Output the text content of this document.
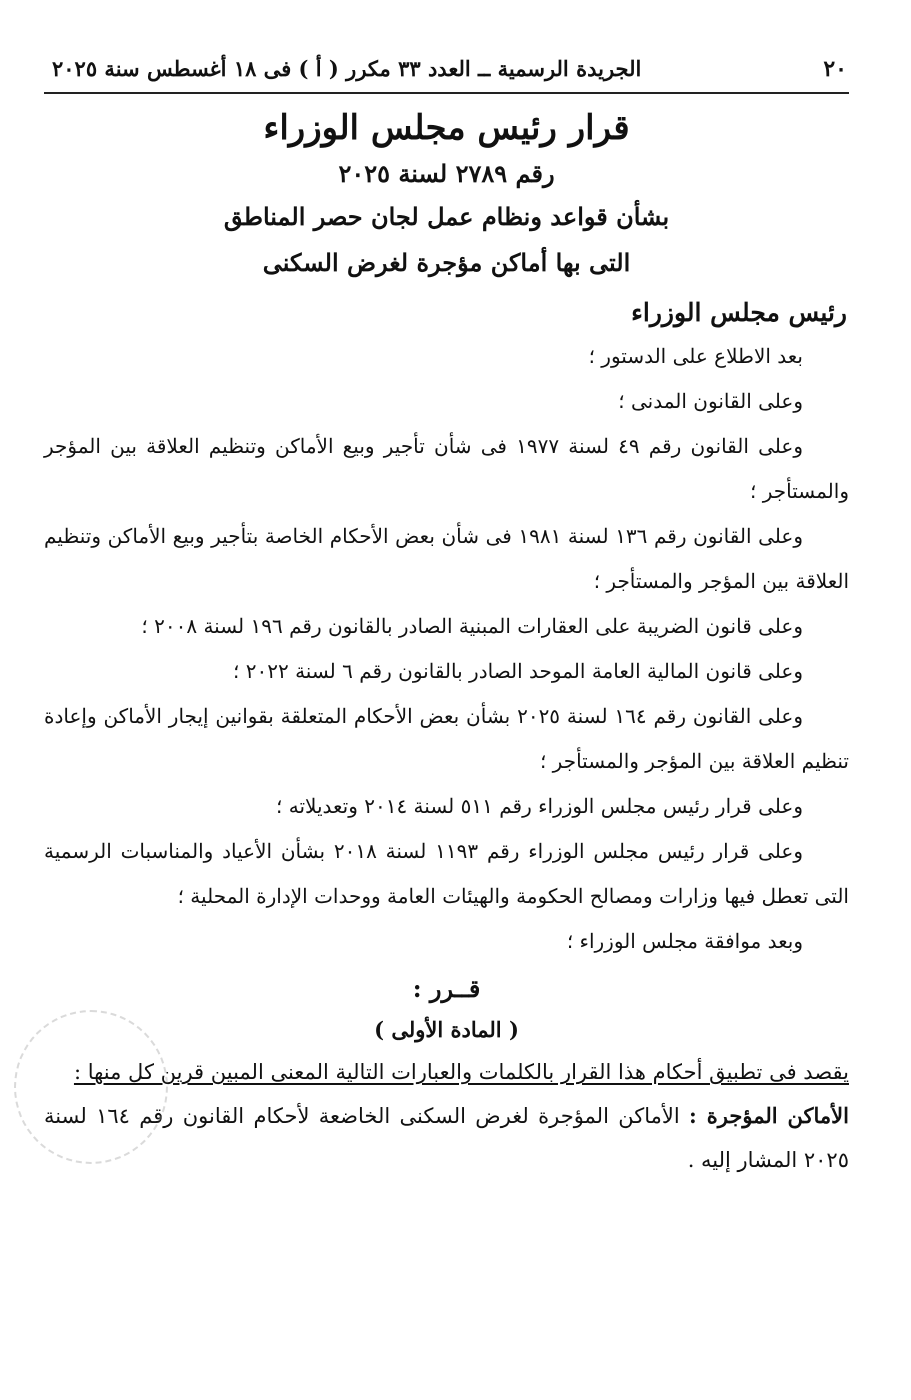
٢٠
الجريدة الرسمية ــ العدد ٣٣ مكرر ( أ ) فى ١٨ أغسطس سنة ٢٠٢٥
قرار رئيس مجلس الوزراء
رقم ٢٧٨٩ لسنة ٢٠٢٥
بشأن قواعد ونظام عمل لجان حصر المناطق
التى بها أماكن مؤجرة لغرض السكنى
رئيس مجلس الوزراء
بعد الاطلاع على الدستور ؛
وعلى القانون المدنى ؛
وعلى القانون رقم ٤٩ لسنة ١٩٧٧ فى شأن تأجير وبيع الأماكن وتنظيم العلاقة بين المؤجر والمستأجر ؛
وعلى القانون رقم ١٣٦ لسنة ١٩٨١ فى شأن بعض الأحكام الخاصة بتأجير وبيع الأماكن وتنظيم العلاقة بين المؤجر والمستأجر ؛
وعلى قانون الضريبة على العقارات المبنية الصادر بالقانون رقم ١٩٦ لسنة ٢٠٠٨ ؛
وعلى قانون المالية العامة الموحد الصادر بالقانون رقم ٦ لسنة ٢٠٢٢ ؛
وعلى القانون رقم ١٦٤ لسنة ٢٠٢٥ بشأن بعض الأحكام المتعلقة بقوانين إيجار الأماكن وإعادة تنظيم العلاقة بين المؤجر والمستأجر ؛
وعلى قرار رئيس مجلس الوزراء رقم ٥١١ لسنة ٢٠١٤ وتعديلاته ؛
وعلى قرار رئيس مجلس الوزراء رقم ١١٩٣ لسنة ٢٠١٨ بشأن الأعياد والمناسبات الرسمية التى تعطل فيها وزارات ومصالح الحكومة والهيئات العامة ووحدات الإدارة المحلية ؛
وبعد موافقة مجلس الوزراء ؛
قــرر :
( المادة الأولى )
يقصد فى تطبيق أحكام هذا القرار بالكلمات والعبارات التالية المعنى المبين قرين كل منها :
الأماكن المؤجرة : الأماكن المؤجرة لغرض السكنى الخاضعة لأحكام القانون رقم ١٦٤ لسنة ٢٠٢٥ المشار إليه .
